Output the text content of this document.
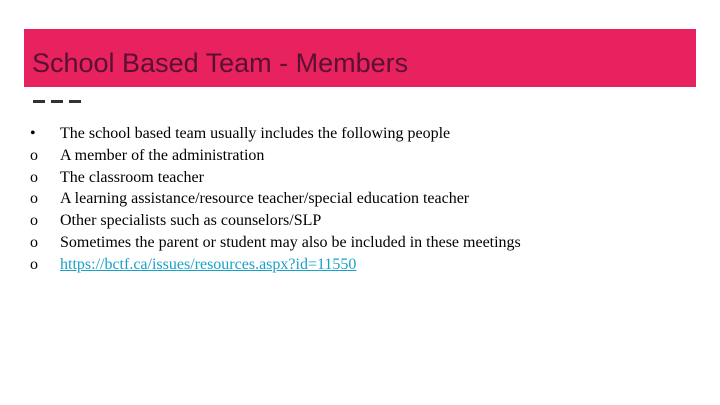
School Based Team - Members
•	The school based team usually includes the following people
o	A member of the administration
o	The classroom teacher
o	A learning assistance/resource teacher/special education teacher
o	Other specialists such as counselors/SLP
o	Sometimes the parent or student may also be included in these meetings
o	https://bctf.ca/issues/resources.aspx?id=11550
